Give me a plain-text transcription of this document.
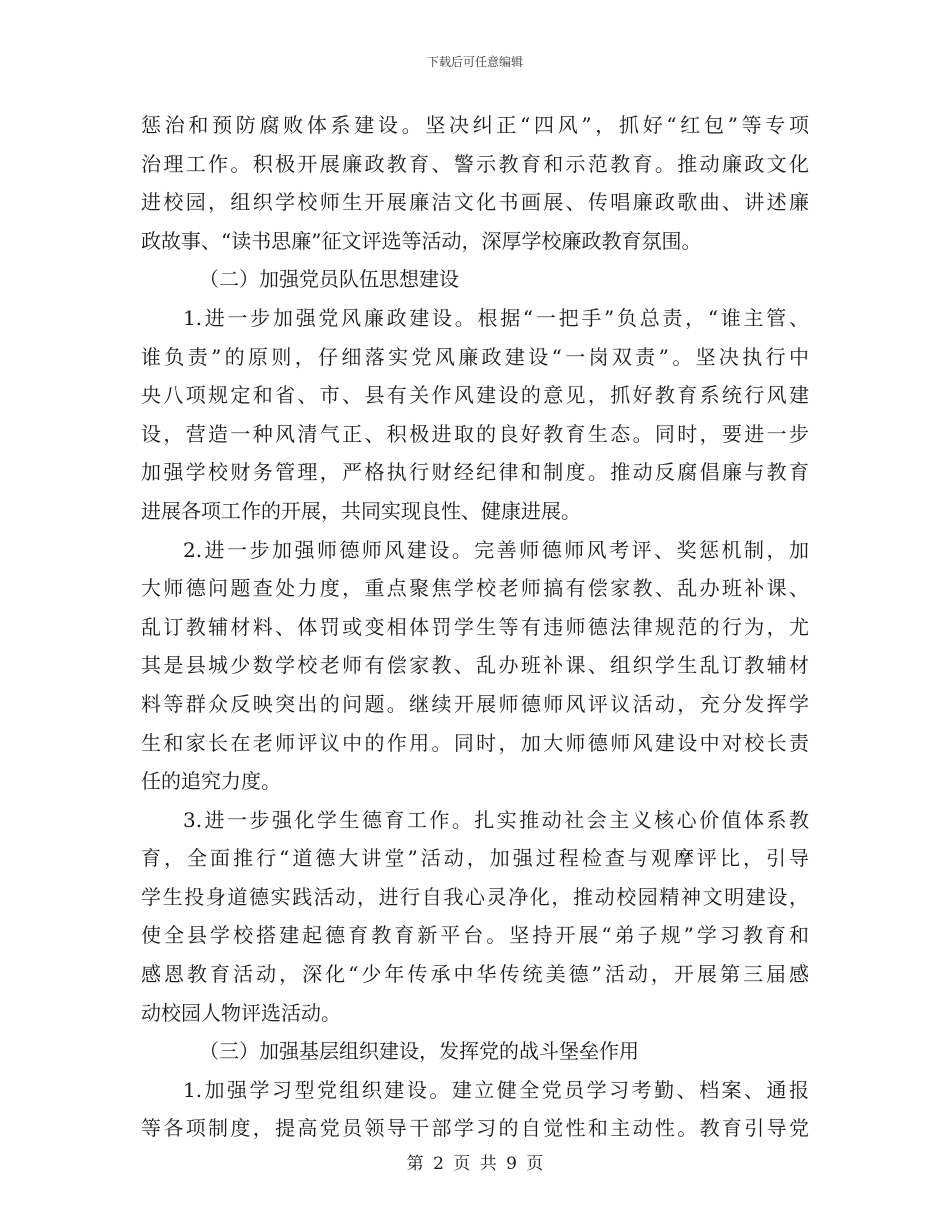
下载后可任意编辑
惩治和预防腐败体系建设。坚决纠正“四风”，抓好“红包”等专项
治理工作。积极开展廉政教育、警示教育和示范教育。推动廉政文化
进校园，组织学校师生开展廉洁文化书画展、传唱廉政歌曲、讲述廉
政故事、“读书思廉”征文评选等活动，深厚学校廉政教育氛围。
（二）加强党员队伍思想建设
1.进一步加强党风廉政建设。根据“一把手”负总责，“谁主管、
谁负责”的原则，仔细落实党风廉政建设“一岗双责”。坚决执行中
央八项规定和省、市、县有关作风建设的意见，抓好教育系统行风建
设，营造一种风清气正、积极进取的良好教育生态。同时，要进一步
加强学校财务管理，严格执行财经纪律和制度。推动反腐倡廉与教育
进展各项工作的开展，共同实现良性、健康进展。
2.进一步加强师德师风建设。完善师德师风考评、奖惩机制，加
大师德问题查处力度，重点聚焦学校老师搞有偿家教、乱办班补课、
乱订教辅材料、体罚或变相体罚学生等有违师德法律规范的行为，尤
其是县城少数学校老师有偿家教、乱办班补课、组织学生乱订教辅材
料等群众反映突出的问题。继续开展师德师风评议活动，充分发挥学
生和家长在老师评议中的作用。同时，加大师德师风建设中对校长责
任的追究力度。
3.进一步强化学生德育工作。扎实推动社会主义核心价值体系教
育，全面推行“道德大讲堂”活动，加强过程检查与观摩评比，引导
学生投身道德实践活动，进行自我心灵净化，推动校园精神文明建设，
使全县学校搭建起德育教育新平台。坚持开展“弟子规”学习教育和
感恩教育活动，深化“少年传承中华传统美德”活动，开展第三届感
动校园人物评选活动。
（三）加强基层组织建设，发挥党的战斗堡垒作用
1.加强学习型党组织建设。建立健全党员学习考勤、档案、通报
等各项制度，提高党员领导干部学习的自觉性和主动性。教育引导党
第 2 页 共 9 页
